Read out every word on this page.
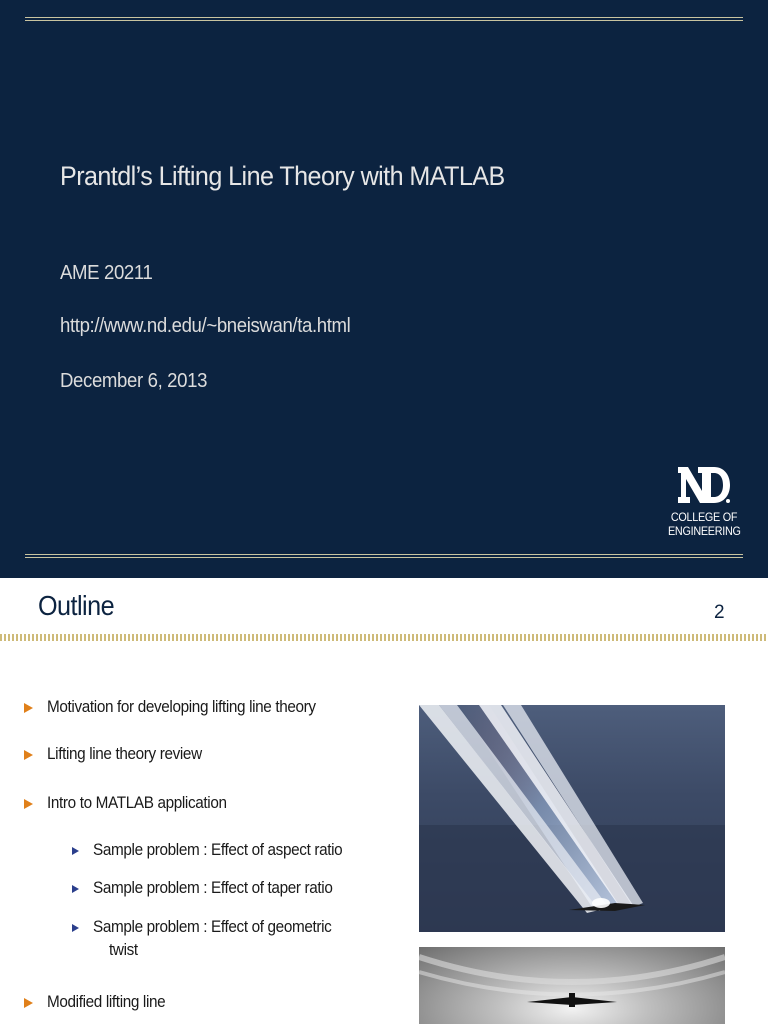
Prantdl’s Lifting Line Theory with MATLAB
AME 20211
http://www.nd.edu/~bneiswan/ta.html
December 6, 2013
COLLEGE OF
ENGINEERING
Outline	2
Motivation for developing lifting line theory
Lifting line theory review
Intro to MATLAB application
Sample problem : Effect of aspect ratio
Sample problem : Effect of taper ratio
Sample problem : Effect of geometric
twist
Modified lifting line
